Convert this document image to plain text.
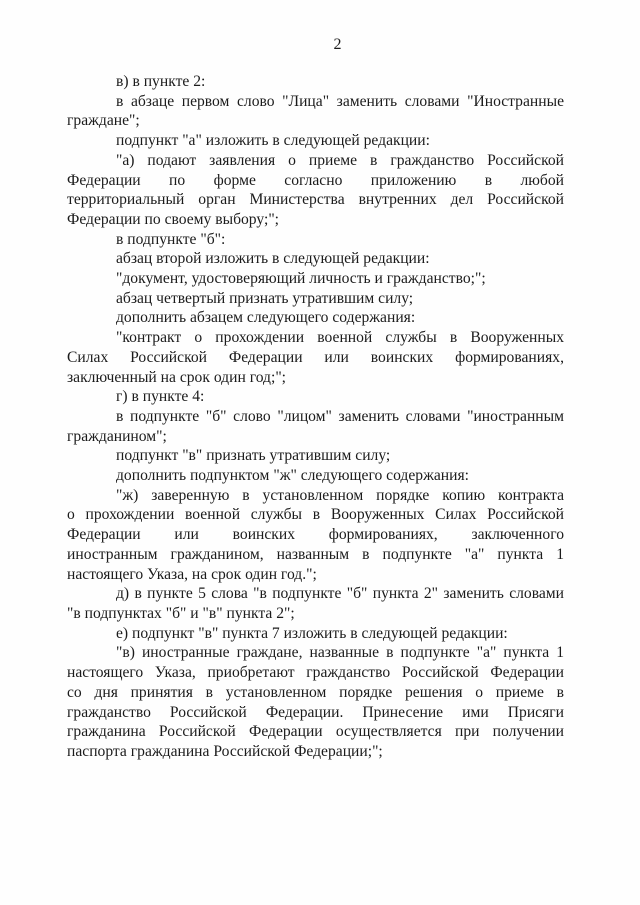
2
в) в пункте 2:
в абзаце первом слово "Лица" заменить словами "Иностранные
граждане";
подпункт "а" изложить в следующей редакции:
"а) подают заявления о приеме в гражданство Российской
Федерации по форме согласно приложению в любой
территориальный орган Министерства внутренних дел Российской
Федерации по своему выбору;";
в подпункте "б":
абзац второй изложить в следующей редакции:
"документ, удостоверяющий личность и гражданство;";
абзац четвертый признать утратившим силу;
дополнить абзацем следующего содержания:
"контракт о прохождении военной службы в Вооруженных
Силах Российской Федерации или воинских формированиях,
заключенный на срок один год;";
г) в пункте 4:
в подпункте "б" слово "лицом" заменить словами "иностранным
гражданином";
подпункт "в" признать утратившим силу;
дополнить подпунктом "ж" следующего содержания:
"ж) заверенную в установленном порядке копию контракта
о прохождении военной службы в Вооруженных Силах Российской
Федерации или воинских формированиях, заключенного
иностранным гражданином, названным в подпункте "а" пункта 1
настоящего Указа, на срок один год.";
д) в пункте 5 слова "в подпункте "б" пункта 2" заменить словами
"в подпунктах "б" и "в" пункта 2";
е) подпункт "в" пункта 7 изложить в следующей редакции:
"в) иностранные граждане, названные в подпункте "а" пункта 1
настоящего Указа, приобретают гражданство Российской Федерации
со дня принятия в установленном порядке решения о приеме в
гражданство Российской Федерации. Принесение ими Присяги
гражданина Российской Федерации осуществляется при получении
паспорта гражданина Российской Федерации;";
